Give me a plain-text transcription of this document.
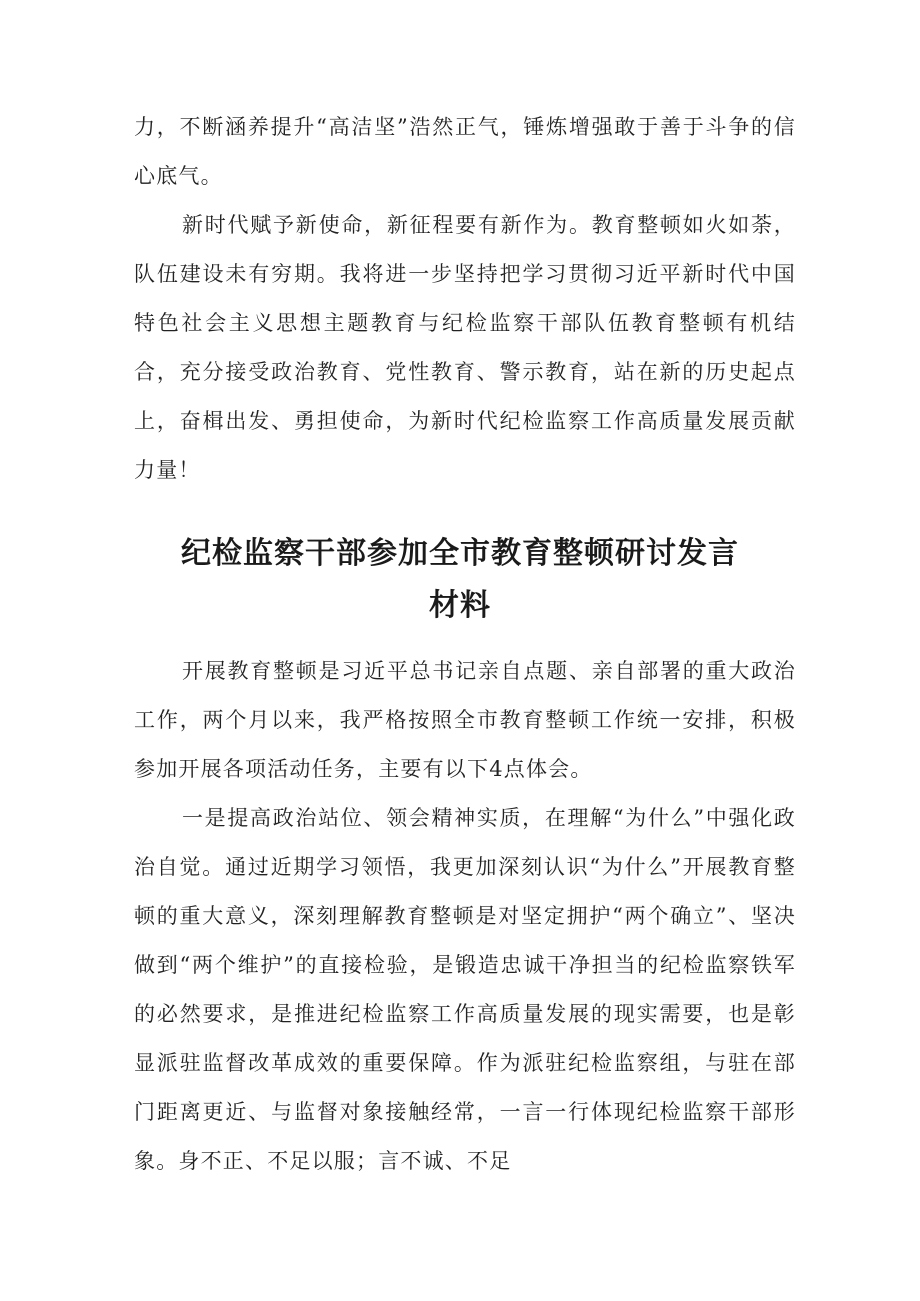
力，不断涵养提升“高洁坚”浩然正气，锤炼增强敢于善于斗争的信心底气。

新时代赋予新使命，新征程要有新作为。教育整顿如火如荼，队伍建设未有穷期。我将进一步坚持把学习贯彻习近平新时代中国特色社会主义思想主题教育与纪检监察干部队伍教育整顿有机结合，充分接受政治教育、党性教育、警示教育，站在新的历史起点上，奋楫出发、勇担使命，为新时代纪检监察工作高质量发展贡献力量！

纪检监察干部参加全市教育整顿研讨发言
材料

开展教育整顿是习近平总书记亲自点题、亲自部署的重大政治工作，两个月以来，我严格按照全市教育整顿工作统一安排，积极参加开展各项活动任务，主要有以下4点体会。

一是提高政治站位、领会精神实质，在理解“为什么”中强化政治自觉。通过近期学习领悟，我更加深刻认识“为什么”开展教育整顿的重大意义，深刻理解教育整顿是对坚定拥护“两个确立”、坚决做到“两个维护”的直接检验，是锻造忠诚干净担当的纪检监察铁军的必然要求，是推进纪检监察工作高质量发展的现实需要，也是彰显派驻监督改革成效的重要保障。作为派驻纪检监察组，与驻在部门距离更近、与监督对象接触经常，一言一行体现纪检监察干部形象。身不正、不足以服；言不诚、不足
